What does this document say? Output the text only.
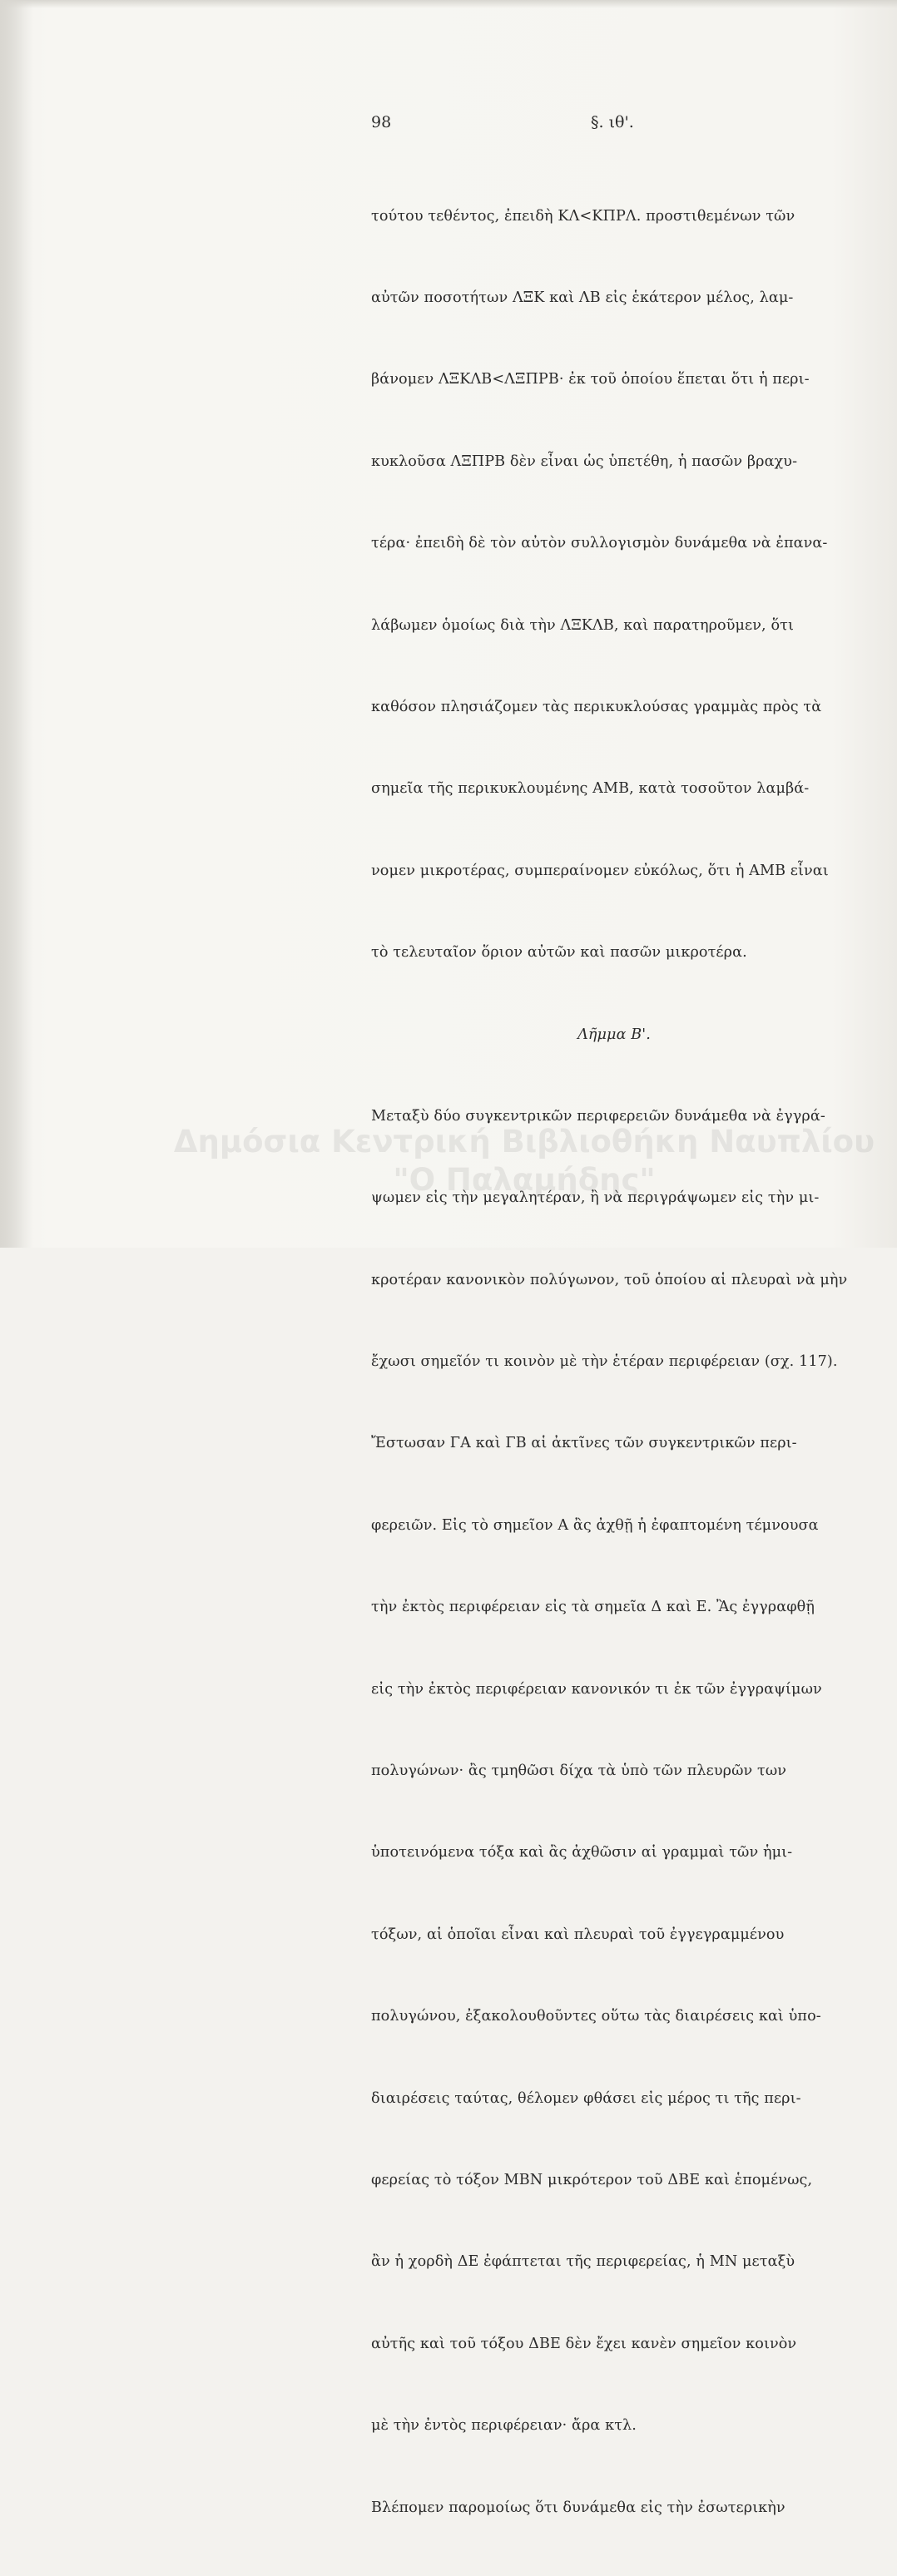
98	§. ιθ'.

τούτου τεθέντος, ἐπειδὴ ΚΛ<ΚΠΡΛ. προστιθεμένων τῶν

αὐτῶν ποσοτήτων ΛΞΚ καὶ ΛΒ εἰς ἑκάτερον μέλος, λαμ-

βάνομεν ΛΞΚΛΒ<ΛΞΠΡΒ· ἐκ τοῦ ὁποίου ἕπεται ὅτι ἡ περι-

κυκλοῦσα ΛΞΠΡΒ δὲν εἶναι ὡς ὑπετέθη, ἡ πασῶν βραχυ-

τέρα· ἐπειδὴ δὲ τὸν αὐτὸν συλλογισμὸν δυνάμεθα νὰ ἐπανα-

λάβωμεν ὁμοίως διὰ τὴν ΛΞΚΛΒ, καὶ παρατηροῦμεν, ὅτι

καθόσον πλησιάζομεν τὰς περικυκλούσας γραμμὰς πρὸς τὰ

σημεῖα τῆς περικυκλουμένης ΑΜΒ, κατὰ τοσοῦτον λαμβά-

νομεν μικροτέρας, συμπεραίνομεν εὐκόλως, ὅτι ἡ ΑΜΒ εἶναι

τὸ τελευταῖον ὅριον αὐτῶν καὶ πασῶν μικροτέρα.

Λῆμμα Β'.

Μεταξὺ δύο συγκεντρικῶν περιφερειῶν δυνάμεθα νὰ ἐγγρά-

ψωμεν εἰς τὴν μεγαλητέραν, ἢ νὰ περιγράψωμεν εἰς τὴν μι-

κροτέραν κανονικὸν πολύγωνον, τοῦ ὁποίου αἱ πλευραὶ νὰ μὴν

ἔχωσι σημεῖόν τι κοινὸν μὲ τὴν ἑτέραν περιφέρειαν (σχ. 117).

Ἔστωσαν ΓΑ καὶ ΓΒ αἱ ἀκτῖνες τῶν συγκεντρικῶν περι-

φερειῶν. Εἰς τὸ σημεῖον Α ἂς ἀχθῇ ἡ ἐφαπτομένη τέμνουσα

τὴν ἐκτὸς περιφέρειαν εἰς τὰ σημεῖα Δ καὶ Ε. Ἂς ἐγγραφθῇ

εἰς τὴν ἐκτὸς περιφέρειαν κανονικόν τι ἐκ τῶν ἐγγραψίμων

πολυγώνων· ἂς τμηθῶσι δίχα τὰ ὑπὸ τῶν πλευρῶν των

ὑποτεινόμενα τόξα καὶ ἂς ἀχθῶσιν αἱ γραμμαὶ τῶν ἡμι-

τόξων, αἱ ὁποῖαι εἶναι καὶ πλευραὶ τοῦ ἐγγεγραμμένου

πολυγώνου, ἐξακολουθοῦντες οὕτω τὰς διαιρέσεις καὶ ὑπο-

διαιρέσεις ταύτας, θέλομεν φθάσει εἰς μέρος τι τῆς περι-

φερείας τὸ τόξον ΜΒΝ μικρότερον τοῦ ΔΒΕ καὶ ἑπομένως,

ἂν ἡ χορδὴ ΔΕ ἐφάπτεται τῆς περιφερείας, ἡ ΜΝ μεταξὺ

αὐτῆς καὶ τοῦ τόξου ΔΒΕ δὲν ἔχει κανὲν σημεῖον κοινὸν

μὲ τὴν ἐντὸς περιφέρειαν· ἄρα κτλ.

Βλέπομεν παρομοίως ὅτι δυνάμεθα εἰς τὴν ἐσωτερικὴν

Δημόσια Κεντρική Βιβλιοθήκη Ναυπλίου
"Ο Παλαμήδης"
